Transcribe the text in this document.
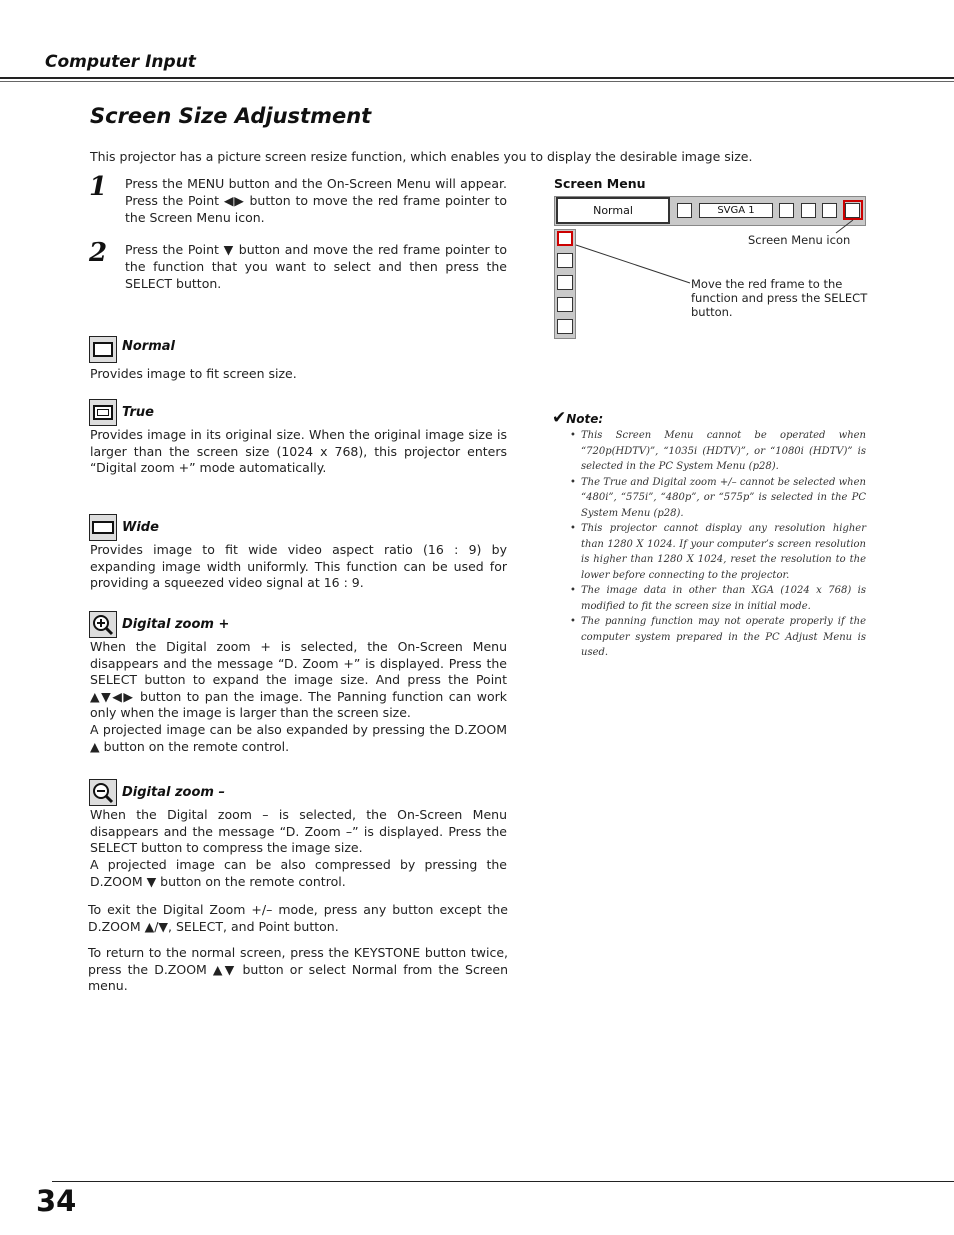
Computer Input
Screen Size Adjustment
This projector has a picture screen resize function, which enables you to display the desirable image size.
1 Press the MENU button and the On-Screen Menu will appear. Press the Point ◀▶ button to move the red frame pointer to the Screen Menu icon.
2 Press the Point ▼ button and move the red frame pointer to the function that you want to select and then press the SELECT button.
Normal
Provides image to fit screen size.
True
Provides image in its original size. When the original image size is larger than the screen size (1024 x 768), this projector enters “Digital zoom +” mode automatically.
Wide
Provides image to fit wide video aspect ratio (16 : 9) by expanding image width uniformly. This function can be used for providing a squeezed video signal at 16 : 9.
Digital zoom +
When the Digital zoom + is selected, the On-Screen Menu disappears and the message “D. Zoom +” is displayed. Press the SELECT button to expand the image size. And press the Point ▲▼◀▶ button to pan the image. The Panning function can work only when the image is larger than the screen size.
A projected image can be also expanded by pressing the D.ZOOM ▲ button on the remote control.
Digital zoom –
When the Digital zoom – is selected, the On-Screen Menu disappears and the message “D. Zoom –” is displayed. Press the SELECT button to compress the image size.
A projected image can be also compressed by pressing the D.ZOOM ▼ button on the remote control.
To exit the Digital Zoom +/– mode, press any button except the D.ZOOM ▲/▼, SELECT, and Point button.
To return to the normal screen, press the KEYSTONE button twice, press the D.ZOOM ▲▼ button or select Normal from the Screen menu.
Screen Menu
Normal	SVGA 1
Screen Menu icon
Move the red frame to the function and press the SELECT button.
✔Note:
• This Screen Menu cannot be operated when “720p(HDTV)”, “1035i (HDTV)”, or “1080i (HDTV)” is selected in the PC System Menu (p28).
• The True and Digital zoom +/– cannot be selected when “480i”, “575i”, “480p”, or “575p” is selected in the PC System Menu (p28).
• This projector cannot display any resolution higher than 1280 X 1024. If your computer’s screen resolution is higher than 1280 X 1024, reset the resolution to the lower before connecting to the projector.
• The image data in other than XGA (1024 x 768) is modified to fit the screen size in initial mode.
• The panning function may not operate properly if the computer system prepared in the PC Adjust Menu is used.
34
